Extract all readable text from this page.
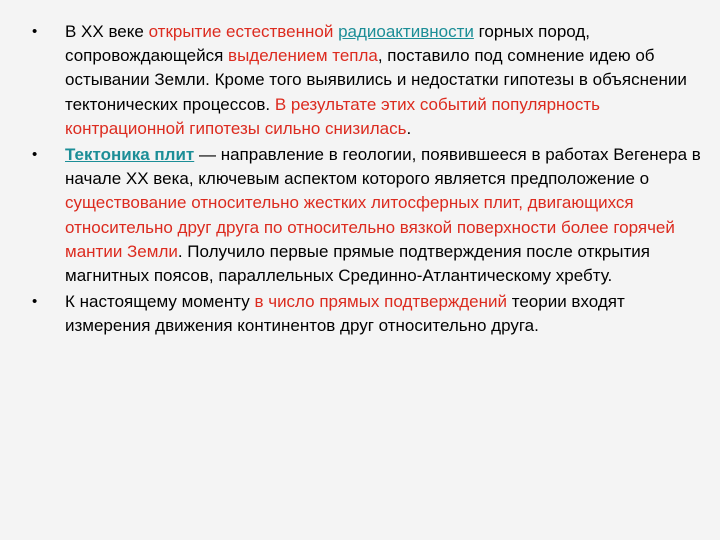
• В XX веке открытие естественной радиоактивности горных пород, сопровождающейся выделением тепла, поставило под сомнение идею об остывании Земли. Кроме того выявились и недостатки гипотезы в объяснении тектонических процессов. В результате этих событий популярность контрационной гипотезы сильно снизилась.
• Тектоника плит — направление в геологии, появившееся в работах Вегенера в начале XX века, ключевым аспектом которого является предположение о существование относительно жестких литосферных плит, двигающихся относительно друг друга по относительно вязкой поверхности более горячей мантии Земли. Получило первые прямые подтверждения после открытия магнитных поясов, параллельных Срединно-Атлантическому хребту.
• К настоящему моменту в число прямых подтверждений теории входят измерения движения континентов друг относительно друга.
